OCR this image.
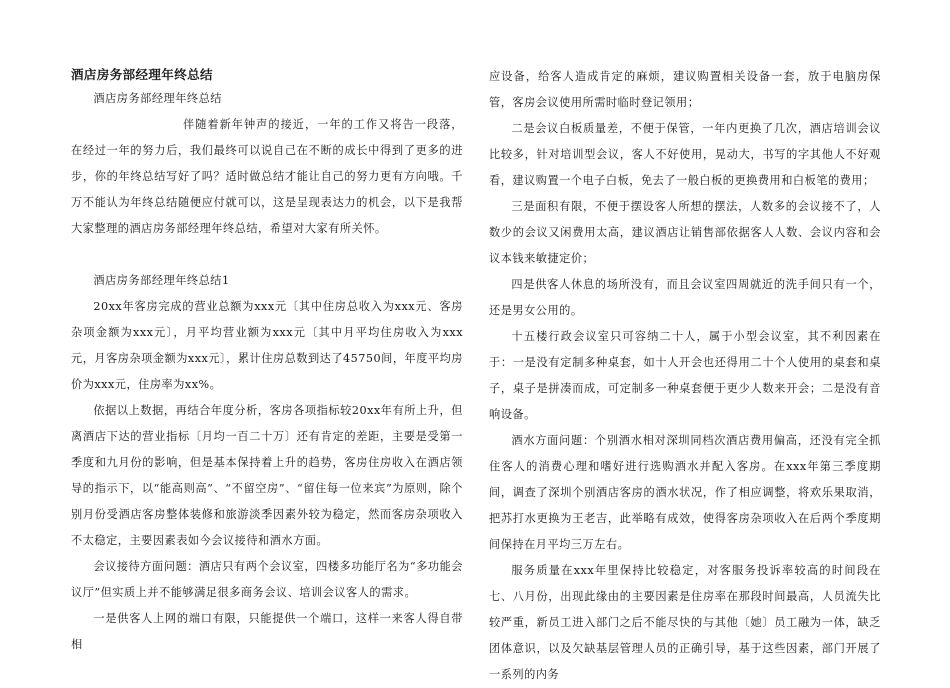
酒店房务部经理年终总结

酒店房务部经理年终总结

伴随着新年钟声的接近，一年的工作又将告一段落，在经过一年的努力后，我们最终可以说自己在不断的成长中得到了更多的进步，你的年终总结写好了吗？适时做总结才能让自己的努力更有方向哦。千万不能认为年终总结随便应付就可以，这是呈现表达力的机会，以下是我帮大家整理的酒店房务部经理年终总结，希望对大家有所关怀。

酒店房务部经理年终总结1

20xx年客房完成的营业总额为xxx元〔其中住房总收入为xxx元、客房杂项金额为xxx元〕，月平均营业额为xxx元〔其中月平均住房收入为xxx元，月客房杂项金额为xxx元〕，累计住房总数到达了45750间，年度平均房价为xxx元，住房率为xx%。

依据以上数据，再结合年度分析，客房各项指标较20xx年有所上升，但离酒店下达的营业指标〔月均一百二十万〕还有肯定的差距，主要是受第一季度和九月份的影响，但是基本保持着上升的趋势，客房住房收入在酒店领导的指示下，以“能高则高”、“不留空房”、“留住每一位来宾”为原则，除个别月份受酒店客房整体装修和旅游淡季因素外较为稳定，然而客房杂项收入不太稳定，主要因素表如今会议接待和酒水方面。

会议接待方面问题：酒店只有两个会议室，四楼多功能厅名为“多功能会议厅”但实质上并不能够满足很多商务会议、培训会议客人的需求。

一是供客人上网的端口有限，只能提供一个端口，这样一来客人得自带相

应设备，给客人造成肯定的麻烦，建议购置相关设备一套，放于电脑房保管，客房会议使用所需时临时登记领用；

二是会议白板质量差，不便于保管，一年内更换了几次，酒店培训会议比较多，针对培训型会议，客人不好使用，晃动大，书写的字其他人不好观看，建议购置一个电子白板，免去了一般白板的更换费用和白板笔的费用；

三是面积有限，不便于摆设客人所想的摆法，人数多的会议接不了，人数少的会议又闲费用太高，建议酒店让销售部依据客人人数、会议内容和会议本钱来敏捷定价；

四是供客人休息的场所没有，而且会议室四周就近的洗手间只有一个，还是男女公用的。

十五楼行政会议室只可容纳二十人，属于小型会议室，其不利因素在于：一是没有定制多种桌套，如十人开会也还得用二十个人使用的桌套和桌子，桌子是拼凑而成，可定制多一种桌套便于更少人数来开会；二是没有音响设备。

酒水方面问题：个别酒水相对深圳同档次酒店费用偏高，还没有完全抓住客人的消费心理和嗜好进行选购酒水并配入客房。在xxx年第三季度期间，调查了深圳个别酒店客房的酒水状况，作了相应调整，将欢乐果取消，把苏打水更换为王老吉，此举略有成效，使得客房杂项收入在后两个季度期间保持在月平均三万左右。

服务质量在xxx年里保持比较稳定，对客服务投诉率较高的时间段在七、八月份，出现此缘由的主要因素是住房率在那段时间最高，人员流失比较严重，新员工进入部门之后不能尽快的与其他〔她〕员工融为一体，缺乏团体意识，以及欠缺基层管理人员的正确引导，基于这些因素，部门开展了一系列的内务
